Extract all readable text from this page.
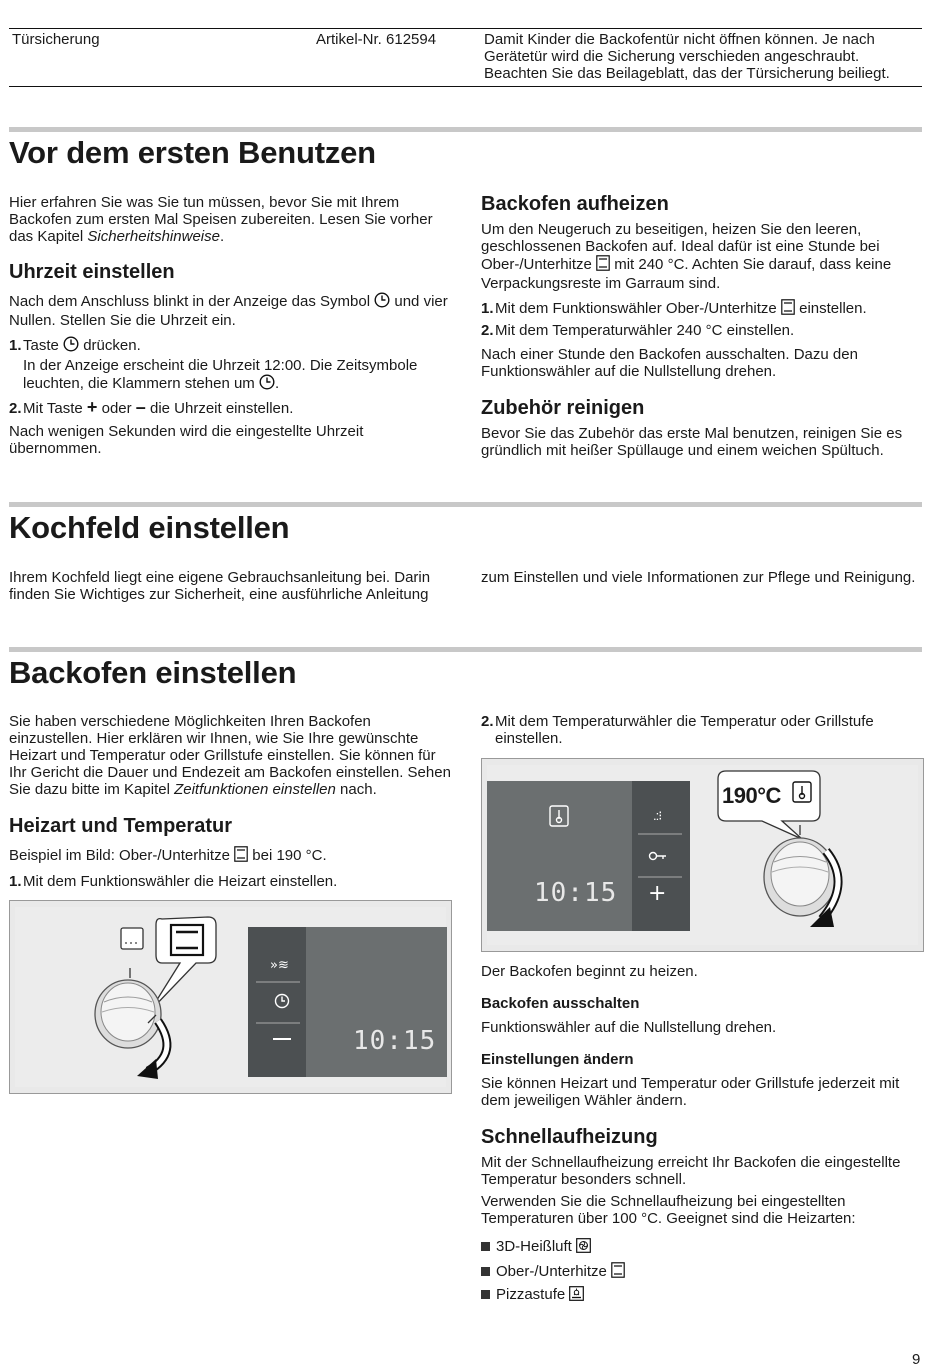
Türsicherung	Artikel-Nr. 612594	Damit Kinder die Backofentür nicht öffnen können. Je nach Gerätetür wird die Sicherung verschieden angeschraubt. Beachten Sie das Beilageblatt, das der Türsicherung beiliegt.

Vor dem ersten Benutzen

Hier erfahren Sie was Sie tun müssen, bevor Sie mit Ihrem Backofen zum ersten Mal Speisen zubereiten. Lesen Sie vorher das Kapitel Sicherheitshinweise.

Uhrzeit einstellen

Nach dem Anschluss blinkt in der Anzeige das Symbol  und vier Nullen. Stellen Sie die Uhrzeit ein.

1.Taste  drücken.

In der Anzeige erscheint die Uhrzeit 12:00. Die Zeitsymbole leuchten, die Klammern stehen um .

2.Mit Taste + oder – die Uhrzeit einstellen.

Nach wenigen Sekunden wird die eingestellte Uhrzeit übernommen.

Backofen aufheizen

Um den Neugeruch zu beseitigen, heizen Sie den leeren, geschlossenen Backofen auf. Ideal dafür ist eine Stunde bei Ober-/Unterhitze  mit 240 °C. Achten Sie darauf, dass keine Verpackungsreste im Garraum sind.

1.Mit dem Funktionswähler Ober-/Unterhitze  einstellen.

2.Mit dem Temperaturwähler 240 °C einstellen.

Nach einer Stunde den Backofen ausschalten. Dazu den Funktionswähler auf die Nullstellung drehen.

Zubehör reinigen

Bevor Sie das Zubehör das erste Mal benutzen, reinigen Sie es gründlich mit heißer Spüllauge und einem weichen Spültuch.

Kochfeld einstellen

Ihrem Kochfeld liegt eine eigene Gebrauchsanleitung bei. Darin finden Sie Wichtiges zur Sicherheit, eine ausführliche Anleitung

zum Einstellen und viele Informationen zur Pflege und Reinigung.

Backofen einstellen

Sie haben verschiedene Möglichkeiten Ihren Backofen einzustellen. Hier erklären wir Ihnen, wie Sie Ihre gewünschte Heizart und Temperatur oder Grillstufe einstellen. Sie können für Ihr Gericht die Dauer und Endezeit am Backofen einstellen. Sehen Sie dazu bitte im Kapitel Zeitfunktionen einstellen nach.

Heizart und Temperatur

Beispiel im Bild: Ober-/Unterhitze  bei 190 °C.

1.Mit dem Funktionswähler die Heizart einstellen.

»≋
10:15

2. Mit dem Temperaturwähler die Temperatur oder Grillstufe einstellen.

.:⁝
+
10:15
190°C

Der Backofen beginnt zu heizen.

Backofen ausschalten

Funktionswähler auf die Nullstellung drehen.

Einstellungen ändern

Sie können Heizart und Temperatur oder Grillstufe jederzeit mit dem jeweiligen Wähler ändern.

Schnellaufheizung

Mit der Schnellaufheizung erreicht Ihr Backofen die eingestellte Temperatur besonders schnell.

Verwenden Sie die Schnellaufheizung bei eingestellten Temperaturen über 100 °C. Geeignet sind die Heizarten:

3D-Heißluft
Ober-/Unterhitze
Pizzastufe

9
